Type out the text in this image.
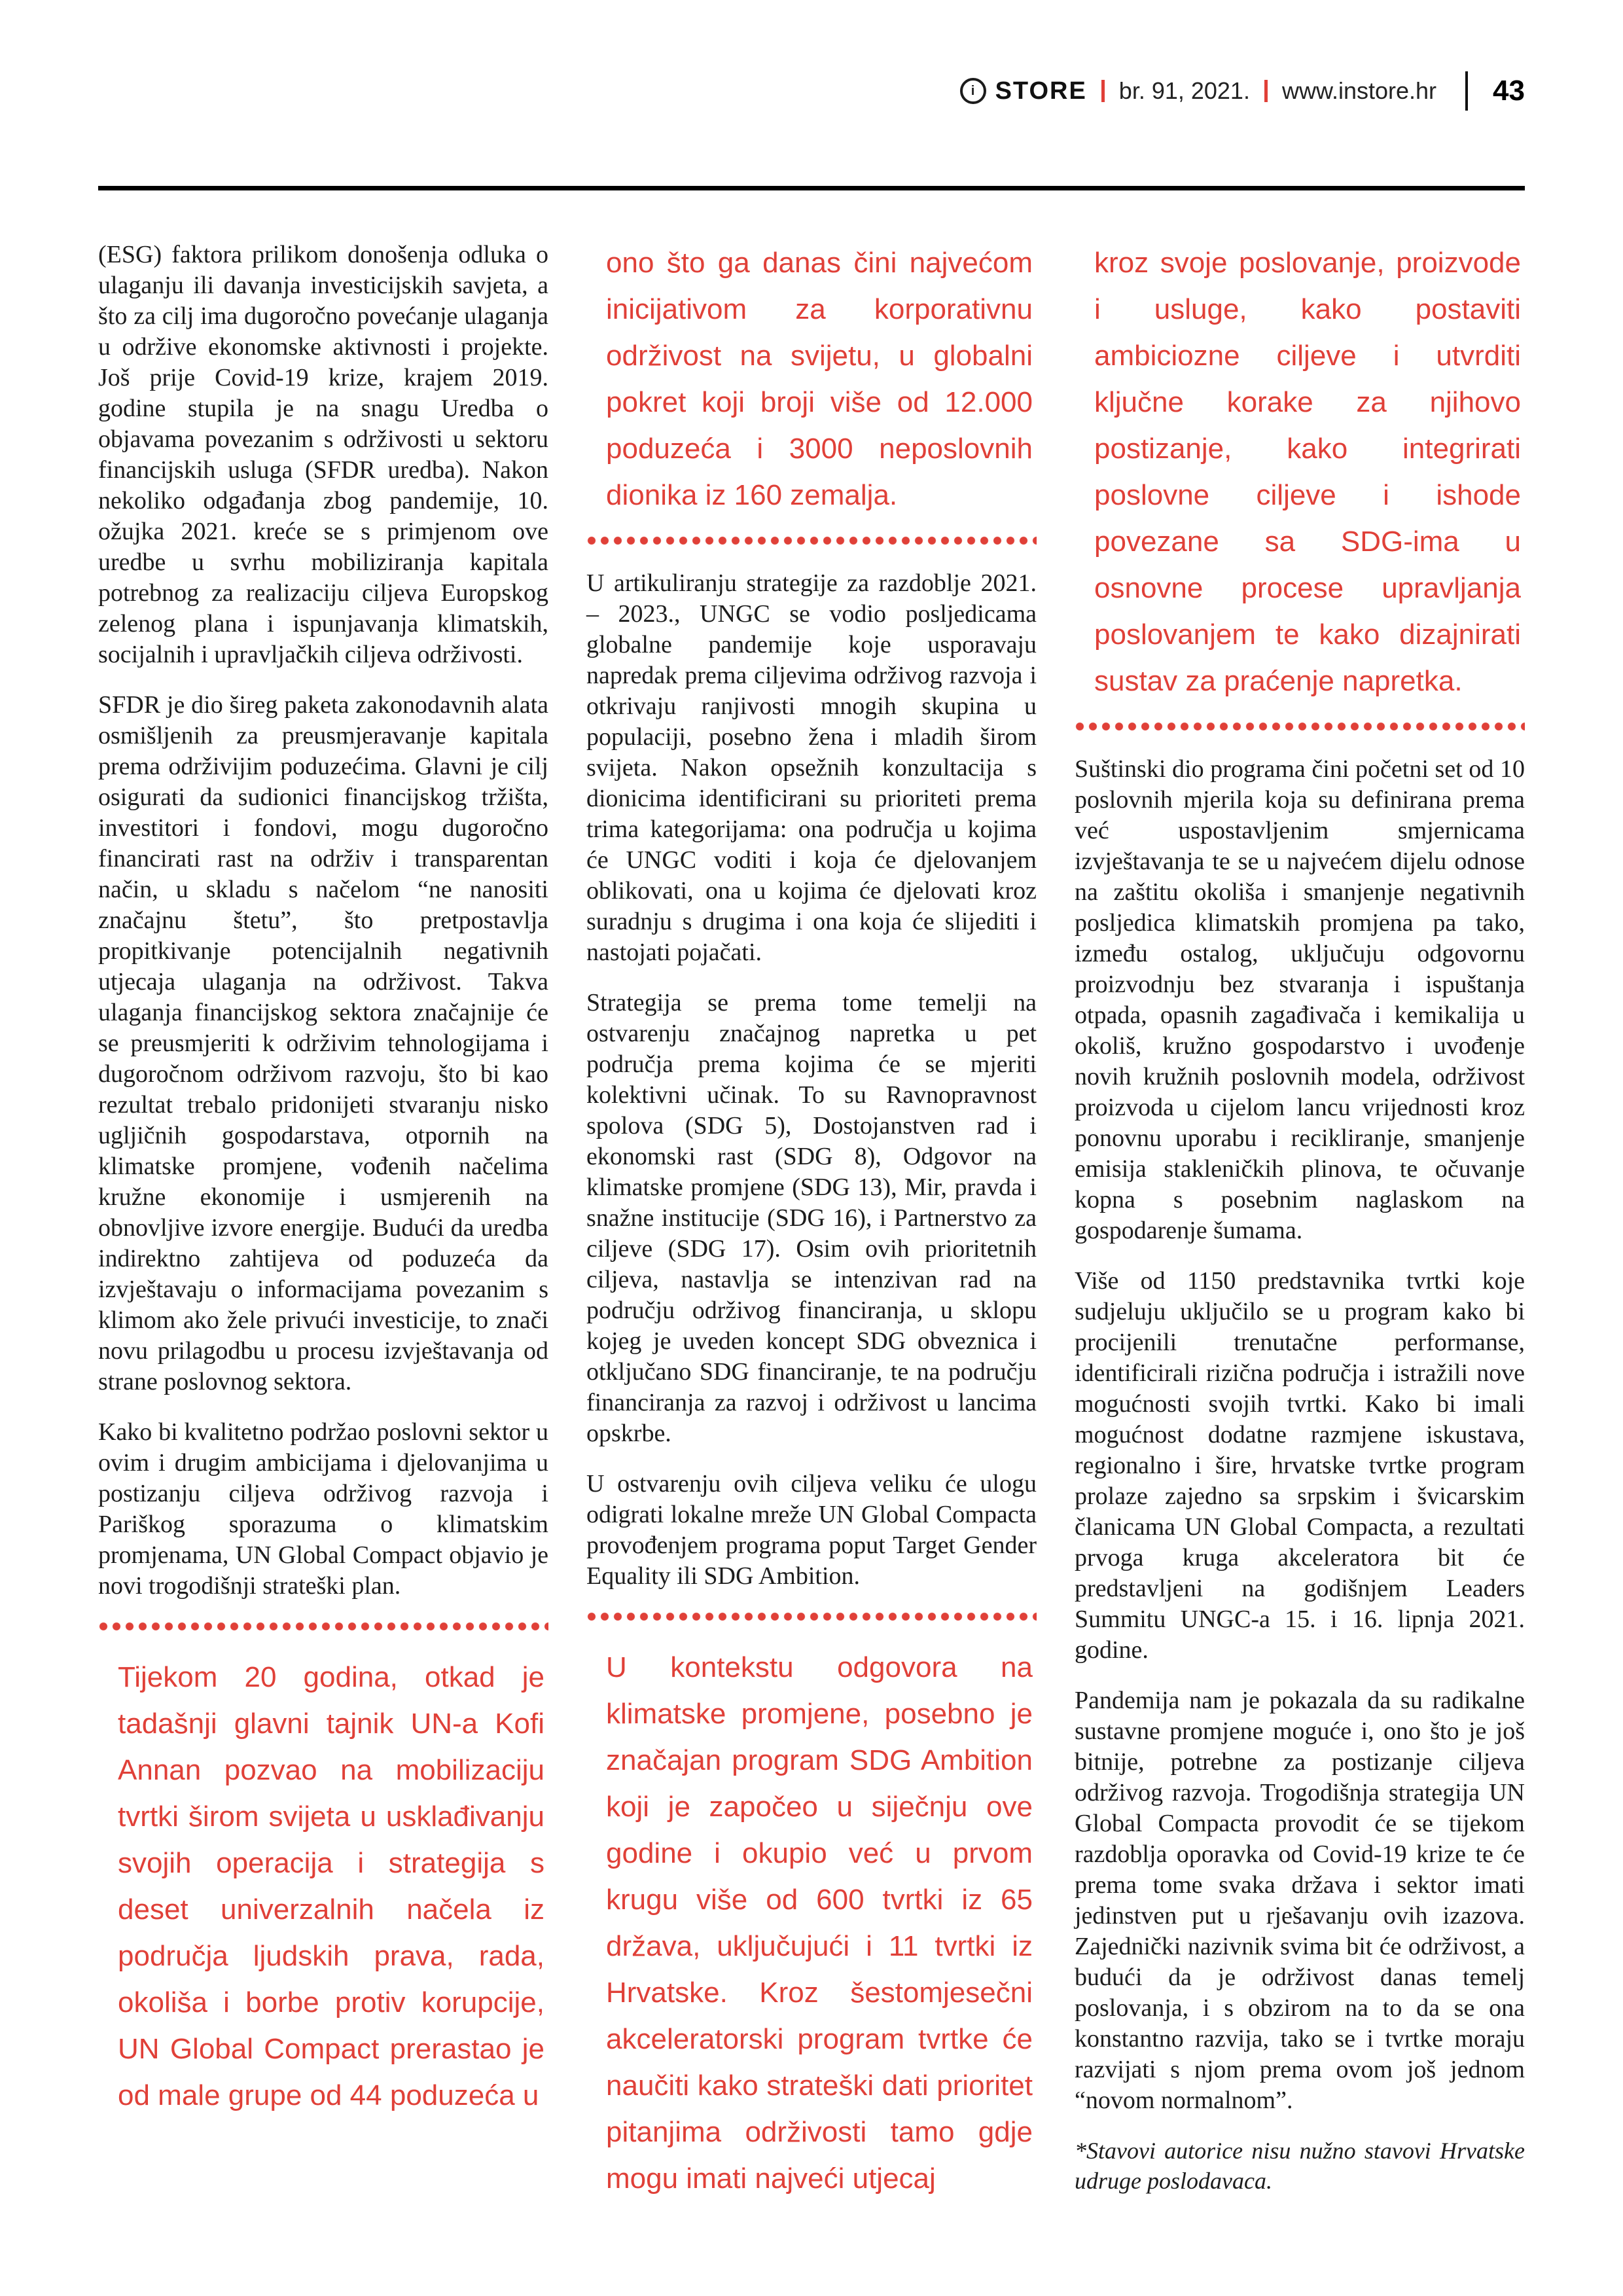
i STORE br. 91, 2021. www.instore.hr 43

(ESG) faktora prilikom donošenja odluka o ulaganju ili davanja investicijskih savjeta, a što za cilj ima dugoročno povećanje ulaganja u održive ekonomske aktivnosti i projekte. Još prije Covid-19 krize, krajem 2019. godine stupila je na snagu Uredba o objavama povezanim s održivosti u sektoru financijskih usluga (SFDR uredba). Nakon nekoliko odgađanja zbog pandemije, 10. ožujka 2021. kreće se s primjenom ove uredbe u svrhu mobiliziranja kapitala potrebnog za realizaciju ciljeva Europskog zelenog plana i ispunjavanja klimatskih, socijalnih i upravljačkih ciljeva održivosti.

SFDR je dio šireg paketa zakonodavnih alata osmišljenih za preusmjeravanje kapitala prema održivijim poduzećima. Glavni je cilj osigurati da sudionici financijskog tržišta, investitori i fondovi, mogu dugoročno financirati rast na održiv i transparentan način, u skladu s načelom “ne nanositi značajnu štetu”, što pretpostavlja propitkivanje potencijalnih negativnih utjecaja ulaganja na održivost. Takva ulaganja financijskog sektora značajnije će se preusmjeriti k održivim tehnologijama i dugoročnom održivom razvoju, što bi kao rezultat trebalo pridonijeti stvaranju nisko ugljičnih gospodarstava, otpornih na klimatske promjene, vođenih načelima kružne ekonomije i usmjerenih na obnovljive izvore energije. Budući da uredba indirektno zahtijeva od poduzeća da izvještavaju o informacijama povezanim s klimom ako žele privući investicije, to znači novu prilagodbu u procesu izvještavanja od strane poslovnog sektora.

Kako bi kvalitetno podržao poslovni sektor u ovim i drugim ambicijama i djelovanjima u postizanju ciljeva održivog razvoja i Pariškog sporazuma o klimatskim promjenama, UN Global Compact objavio je novi trogodišnji strateški plan.

Tijekom 20 godina, otkad je tadašnji glavni tajnik UN-a Kofi Annan pozvao na mobilizaciju tvrtki širom svijeta u usklađivanju svojih operacija i strategija s deset univerzalnih načela iz područja ljudskih prava, rada, okoliša i borbe protiv korupcije, UN Global Compact prerastao je od male grupe od 44 poduzeća u
ono što ga danas čini najvećom inicijativom za korporativnu održivost na svijetu, u globalni pokret koji broji više od 12.000 poduzeća i 3000 neposlovnih dionika iz 160 zemalja.

U artikuliranju strategije za razdoblje 2021. – 2023., UNGC se vodio posljedicama globalne pandemije koje usporavaju napredak prema ciljevima održivog razvoja i otkrivaju ranjivosti mnogih skupina u populaciji, posebno žena i mladih širom svijeta. Nakon opsežnih konzultacija s dionicima identificirani su prioriteti prema trima kategorijama: ona područja u kojima će UNGC voditi i koja će djelovanjem oblikovati, ona u kojima će djelovati kroz suradnju s drugima i ona koja će slijediti i nastojati pojačati.

Strategija se prema tome temelji na ostvarenju značajnog napretka u pet područja prema kojima će se mjeriti kolektivni učinak. To su Ravnopravnost spolova (SDG 5), Dostojanstven rad i ekonomski rast (SDG 8), Odgovor na klimatske promjene (SDG 13), Mir, pravda i snažne institucije (SDG 16), i Partnerstvo za ciljeve (SDG 17). Osim ovih prioritetnih ciljeva, nastavlja se intenzivan rad na području održivog financiranja, u sklopu kojeg je uveden koncept SDG obveznica i otključano SDG financiranje, te na području financiranja za razvoj i održivost u lancima opskrbe.

U ostvarenju ovih ciljeva veliku će ulogu odigrati lokalne mreže UN Global Compacta provođenjem programa poput Target Gender Equality ili SDG Ambition.

U kontekstu odgovora na klimatske promjene, posebno je značajan program SDG Ambition koji je započeo u siječnju ove godine i okupio već u prvom krugu više od 600 tvrtki iz 65 država, uključujući i 11 tvrtki iz Hrvatske. Kroz šestomjesečni akceleratorski program tvrtke će naučiti kako strateški dati prioritet pitanjima održivosti tamo gdje mogu imati najveći utjecaj
kroz svoje poslovanje, proizvode i usluge, kako postaviti ambiciozne ciljeve i utvrditi ključne korake za njihovo postizanje, kako integrirati poslovne ciljeve i ishode povezane sa SDG-ima u osnovne procese upravljanja poslovanjem te kako dizajnirati sustav za praćenje napretka.

Suštinski dio programa čini početni set od 10 poslovnih mjerila koja su definirana prema već uspostavljenim smjernicama izvještavanja te se u najvećem dijelu odnose na zaštitu okoliša i smanjenje negativnih posljedica klimatskih promjena pa tako, između ostalog, uključuju odgovornu proizvodnju bez stvaranja i ispuštanja otpada, opasnih zagađivača i kemikalija u okoliš, kružno gospodarstvo i uvođenje novih kružnih poslovnih modela, održivost proizvoda u cijelom lancu vrijednosti kroz ponovnu uporabu i recikliranje, smanjenje emisija stakleničkih plinova, te očuvanje kopna s posebnim naglaskom na gospodarenje šumama.

Više od 1150 predstavnika tvrtki koje sudjeluju uključilo se u program kako bi procijenili trenutačne performanse, identificirali rizična područja i istražili nove mogućnosti svojih tvrtki. Kako bi imali mogućnost dodatne razmjene iskustava, regionalno i šire, hrvatske tvrtke program prolaze zajedno sa srpskim i švicarskim članicama UN Global Compacta, a rezultati prvoga kruga akceleratora bit će predstavljeni na godišnjem Leaders Summitu UNGC-a 15. i 16. lipnja 2021. godine.

Pandemija nam je pokazala da su radikalne sustavne promjene moguće i, ono što je još bitnije, potrebne za postizanje ciljeva održivog razvoja. Trogodišnja strategija UN Global Compacta provodit će se tijekom razdoblja oporavka od Covid-19 krize te će prema tome svaka država i sektor imati jedinstven put u rješavanju ovih izazova. Zajednički nazivnik svima bit će održivost, a budući da je održivost danas temelj poslovanja, i s obzirom na to da se ona konstantno razvija, tako se i tvrtke moraju razvijati s njom prema ovom još jednom “novom normalnom”.

*Stavovi autorice nisu nužno stavovi Hrvatske udruge poslodavaca.
